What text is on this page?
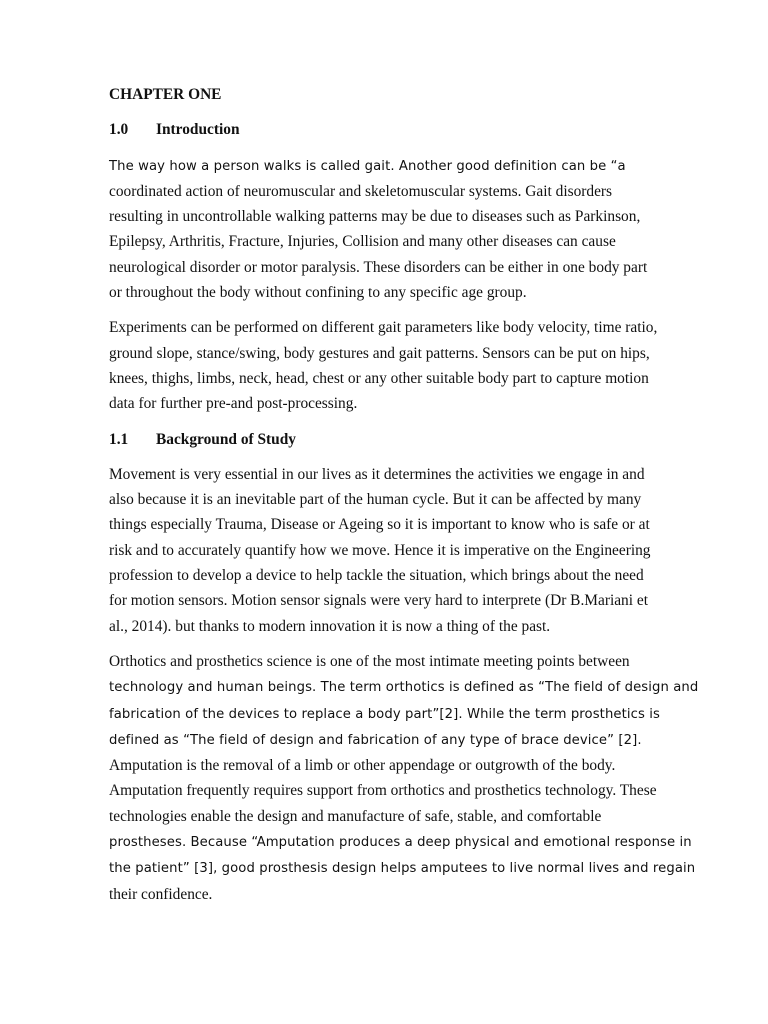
CHAPTER ONE
1.0	Introduction

The way how a person walks is called gait. Another good definition can be “a
coordinated action of neuromuscular and skeletomuscular systems. Gait disorders
resulting in uncontrollable walking patterns may be due to diseases such as Parkinson,
Epilepsy, Arthritis, Fracture, Injuries, Collision and many other diseases can cause
neurological disorder or motor paralysis. These disorders can be either in one body part
or throughout the body without confining to any specific age group.

Experiments can be performed on different gait parameters like body velocity, time ratio,
ground slope, stance/swing, body gestures and gait patterns. Sensors can be put on hips,
knees, thighs, limbs, neck, head, chest or any other suitable body part to capture motion
data for further pre-and post-processing.

1.1	Background of Study

Movement is very essential in our lives as it determines the activities we engage in and
also because it is an inevitable part of the human cycle. But it can be affected by many
things especially Trauma, Disease or Ageing so it is important to know who is safe or at
risk and to accurately quantify how we move. Hence it is imperative on the Engineering
profession to develop a device to help tackle the situation, which brings about the need
for motion sensors. Motion sensor signals were very hard to interprete (Dr B.Mariani et
al., 2014). but thanks to modern innovation it is now a thing of the past.

Orthotics and prosthetics science is one of the most intimate meeting points between
technology and human beings. The term orthotics is defined as “The field of design and
fabrication of the devices to replace a body part”[2]. While the term prosthetics is
defined as “The field of design and fabrication of any type of brace device” [2].
Amputation is the removal of a limb or other appendage or outgrowth of the body.
Amputation frequently requires support from orthotics and prosthetics technology. These
technologies enable the design and manufacture of safe, stable, and comfortable
prostheses. Because “Amputation produces a deep physical and emotional response in
the patient” [3], good prosthesis design helps amputees to live normal lives and regain
their confidence.
